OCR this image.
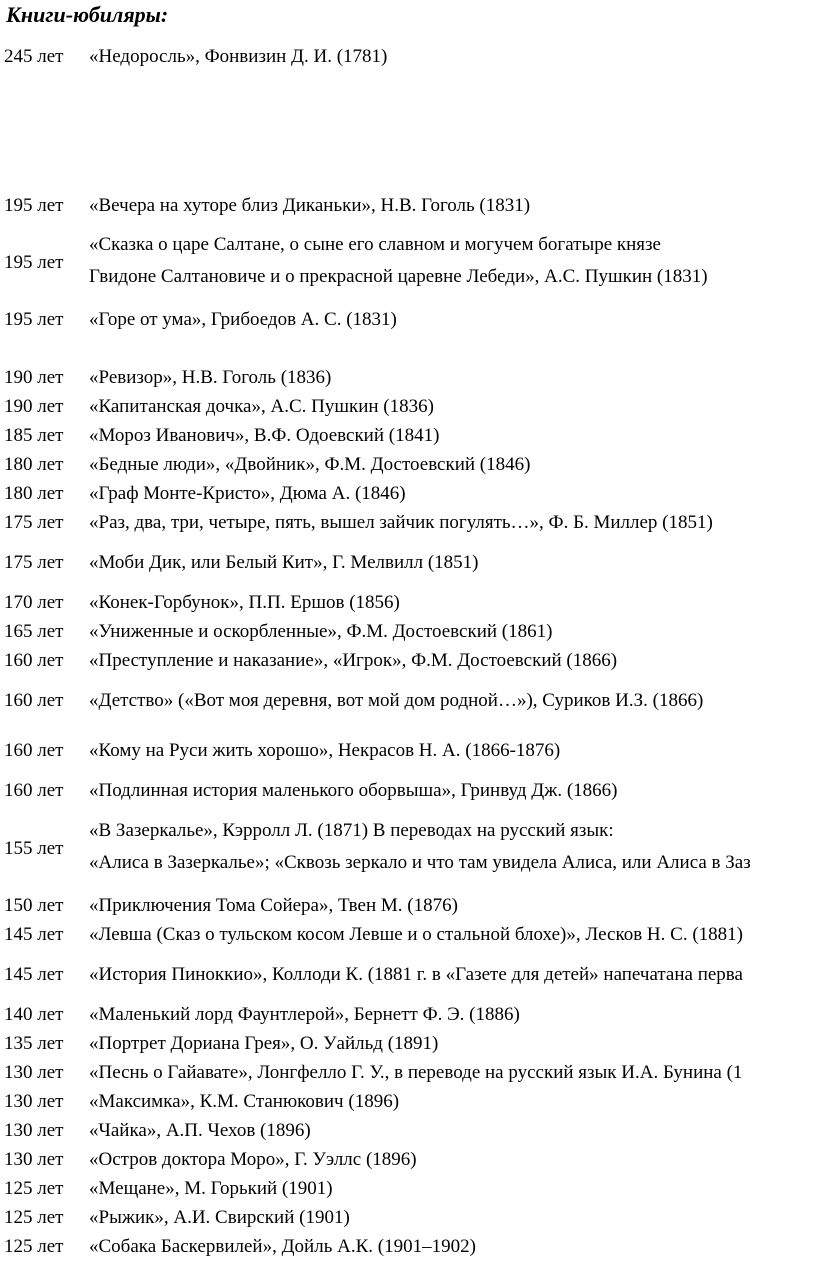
Книги-юбиляры:
245 лет «Недоросль», Фонвизин Д. И. (1781)
195 лет «Вечера на хуторе близ Диканьки», Н.В. Гоголь (1831)
195 лет
«Сказка о царе Салтане, о сыне его славном и могучем богатыре князе
Гвидоне Салтановиче и о прекрасной царевне Лебеди», А.С. Пушкин (1831)
195 лет «Горе от ума», Грибоедов А. С. (1831)
190 лет «Ревизор», Н.В. Гоголь (1836)
190 лет «Капитанская дочка», А.С. Пушкин (1836)
185 лет «Мороз Иванович», В.Ф. Одоевский (1841)
180 лет «Бедные люди», «Двойник», Ф.М. Достоевский (1846)
180 лет «Граф Монте-Кристо», Дюма А. (1846)
175 лет «Раз, два, три, четыре, пять, вышел зайчик погулять…», Ф. Б. Миллер (1851)
175 лет «Моби Дик, или Белый Кит», Г. Мелвилл (1851)
170 лет «Конек-Горбунок», П.П. Ершов (1856)
165 лет «Униженные и оскорбленные», Ф.М. Достоевский (1861)
160 лет «Преступление и наказание», «Игрок», Ф.М. Достоевский (1866)
160 лет «Детство» («Вот моя деревня, вот мой дом родной…»), Суриков И.З. (1866)
160 лет «Кому на Руси жить хорошо», Некрасов Н. А. (1866-1876)
160 лет «Подлинная история маленького оборвыша», Гринвуд Дж. (1866)
155 лет
«В Зазеркалье», Кэрролл Л. (1871) В переводах на русский язык:
«Алиса в Зазеркалье»; «Сквозь зеркало и что там увидела Алиса, или Алиса в Заз
150 лет «Приключения Тома Сойера», Твен М. (1876)
145 лет «Левша (Сказ о тульском косом Левше и о стальной блохе)», Лесков Н. С. (1881)
145 лет «История Пиноккио», Коллоди К. (1881 г. в «Газете для детей» напечатана перва
140 лет «Маленький лорд Фаунтлерой», Бернетт Ф. Э. (1886)
135 лет «Портрет Дориана Грея», О. Уайльд (1891)
130 лет «Песнь о Гайавате», Лонгфелло Г. У., в переводе на русский язык И.А. Бунина (1
130 лет «Максимка», К.М. Станюкович (1896)
130 лет «Чайка», А.П. Чехов (1896)
130 лет «Остров доктора Моро», Г. Уэллс (1896)
125 лет «Мещане», М. Горький (1901)
125 лет «Рыжик», А.И. Свирский (1901)
125 лет «Собака Баскервилей», Дойль А.К. (1901–1902)
